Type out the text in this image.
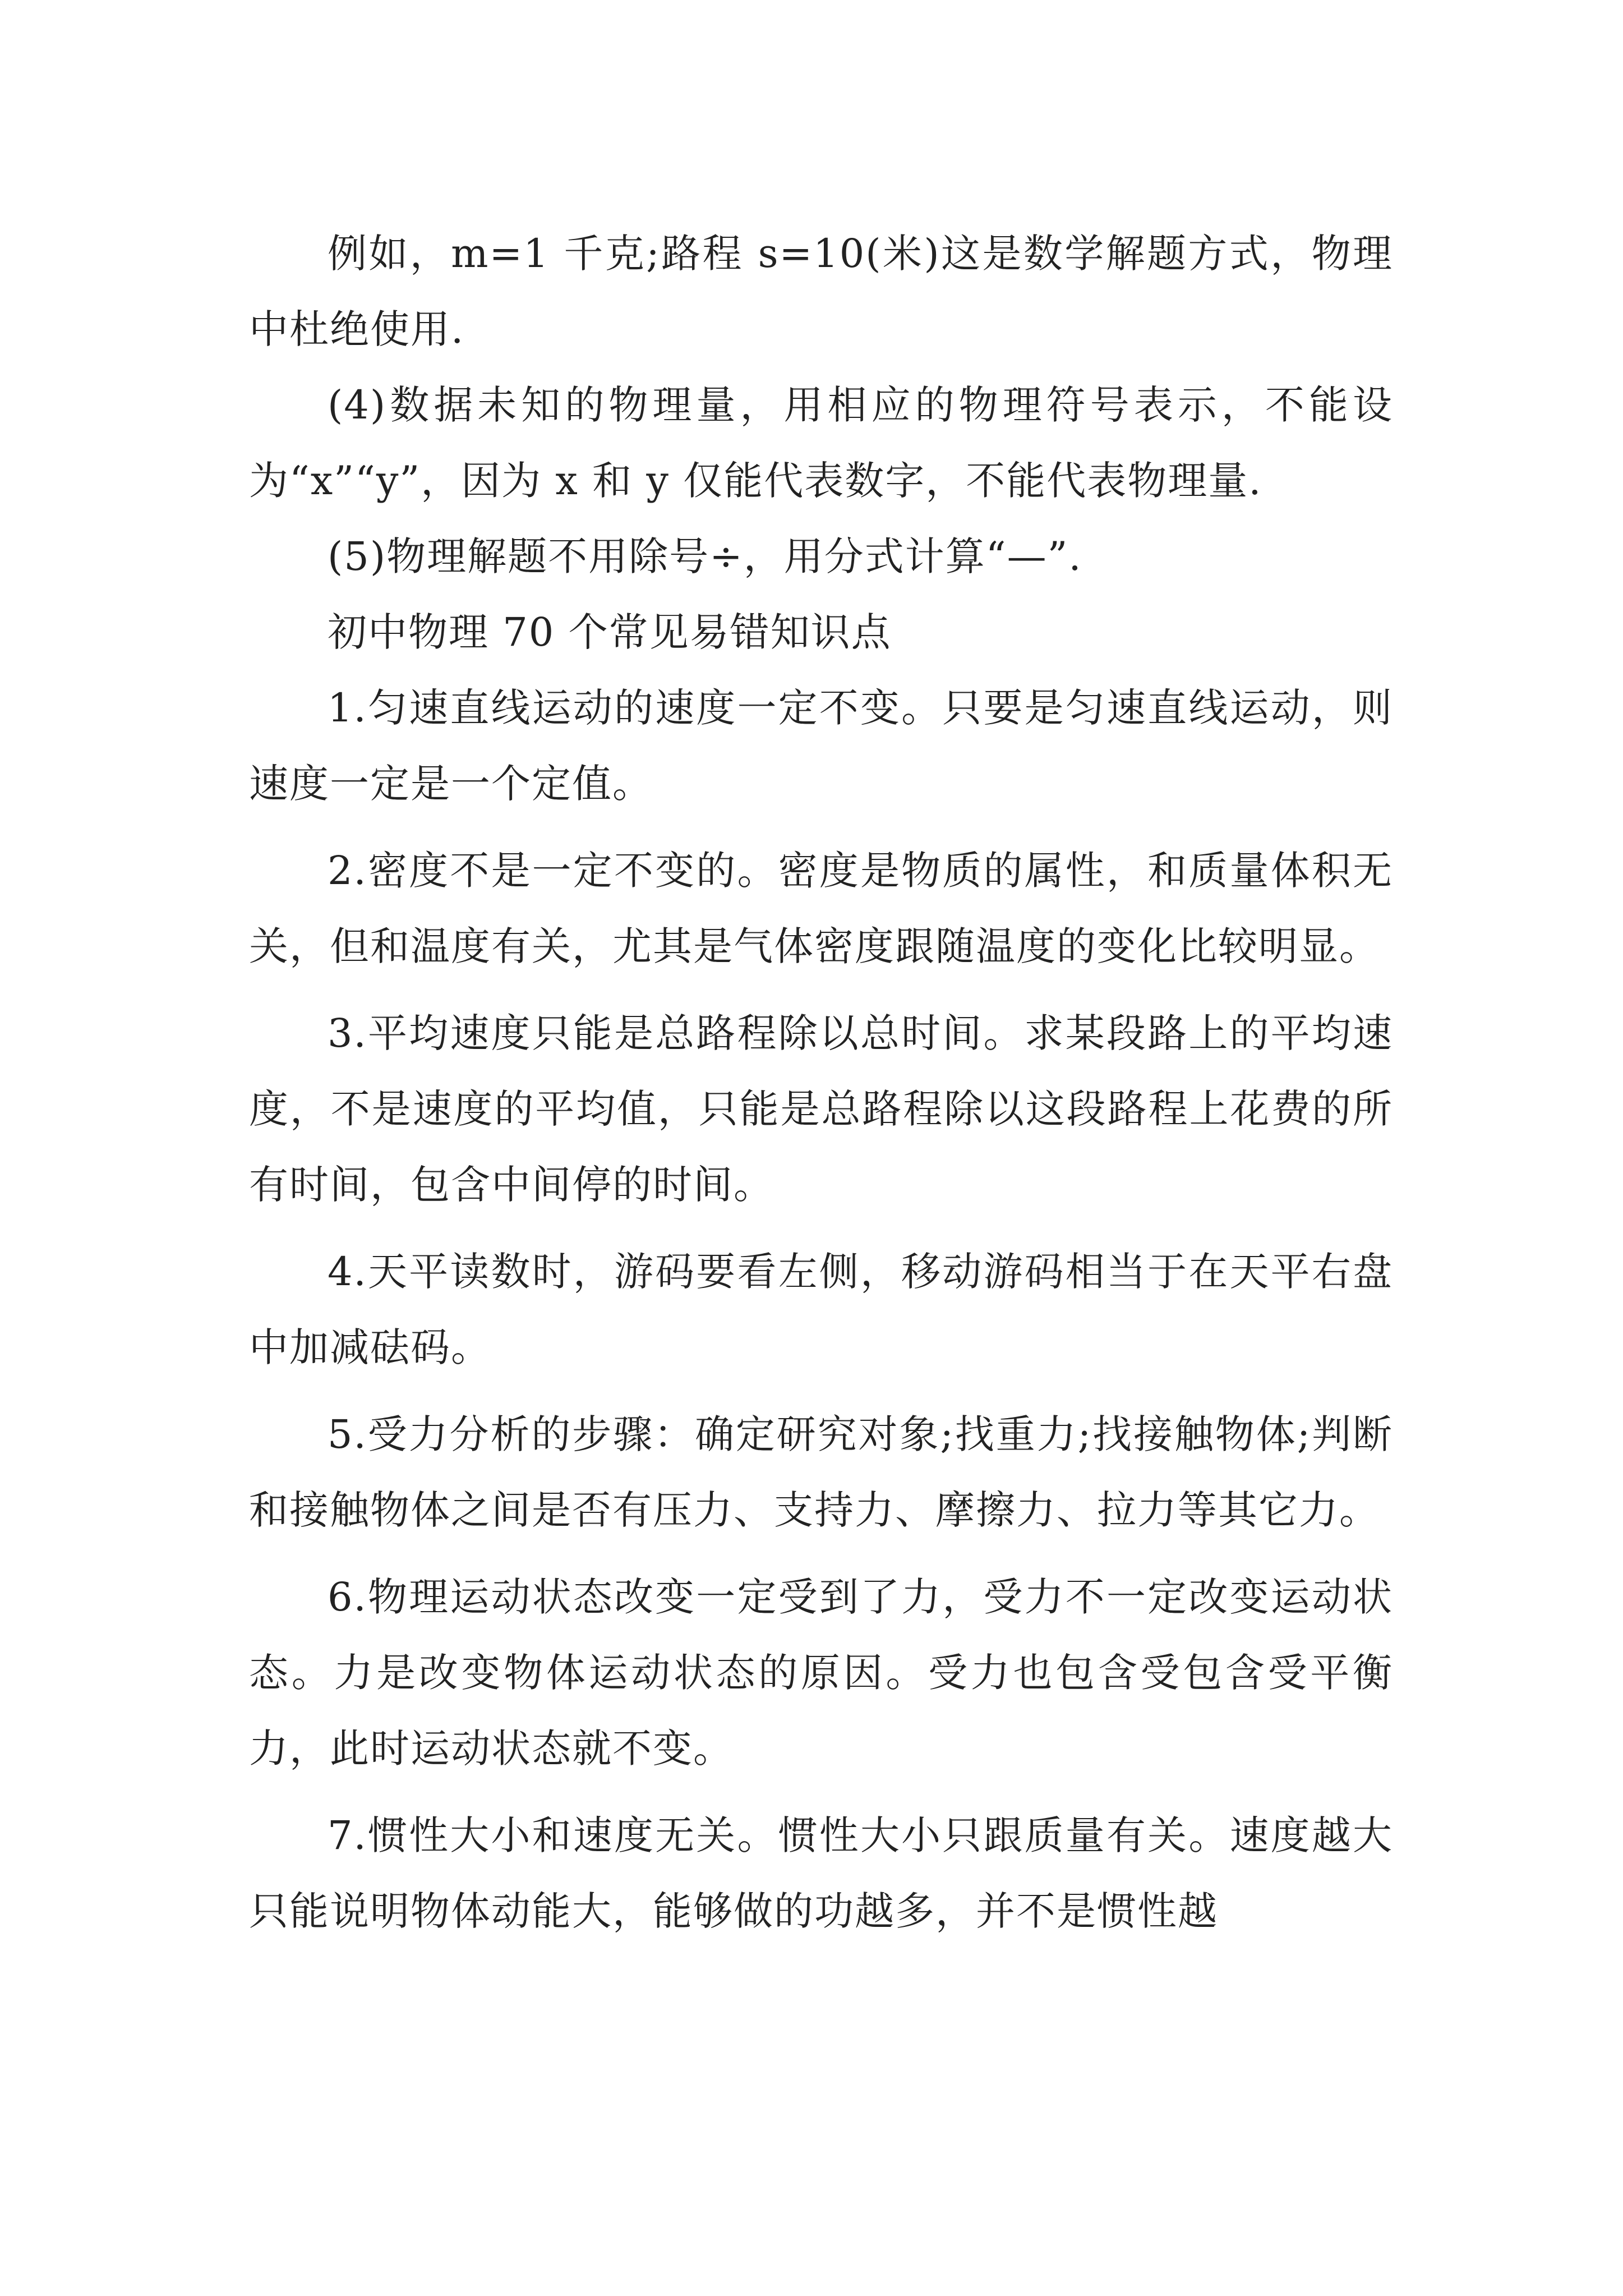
例如，m=1 千克;路程 s=10(米)这是数学解题方式，物理中杜绝使用.

(4)数据未知的物理量，用相应的物理符号表示，不能设为“x”“y”，因为 x 和 y 仅能代表数字，不能代表物理量.

(5)物理解题不用除号÷，用分式计算“—”.

初中物理 70 个常见易错知识点

1.匀速直线运动的速度一定不变。只要是匀速直线运动，则速度一定是一个定值。

2.密度不是一定不变的。密度是物质的属性，和质量体积无关，但和温度有关，尤其是气体密度跟随温度的变化比较明显。

3.平均速度只能是总路程除以总时间。求某段路上的平均速度，不是速度的平均值，只能是总路程除以这段路程上花费的所有时间，包含中间停的时间。

4.天平读数时，游码要看左侧，移动游码相当于在天平右盘中加减砝码。

5.受力分析的步骤：确定研究对象;找重力;找接触物体;判断和接触物体之间是否有压力、支持力、摩擦力、拉力等其它力。

6.物理运动状态改变一定受到了力，受力不一定改变运动状态。力是改变物体运动状态的原因。受力也包含受包含受平衡力，此时运动状态就不变。

7.惯性大小和速度无关。惯性大小只跟质量有关。速度越大只能说明物体动能大，能够做的功越多，并不是惯性越
